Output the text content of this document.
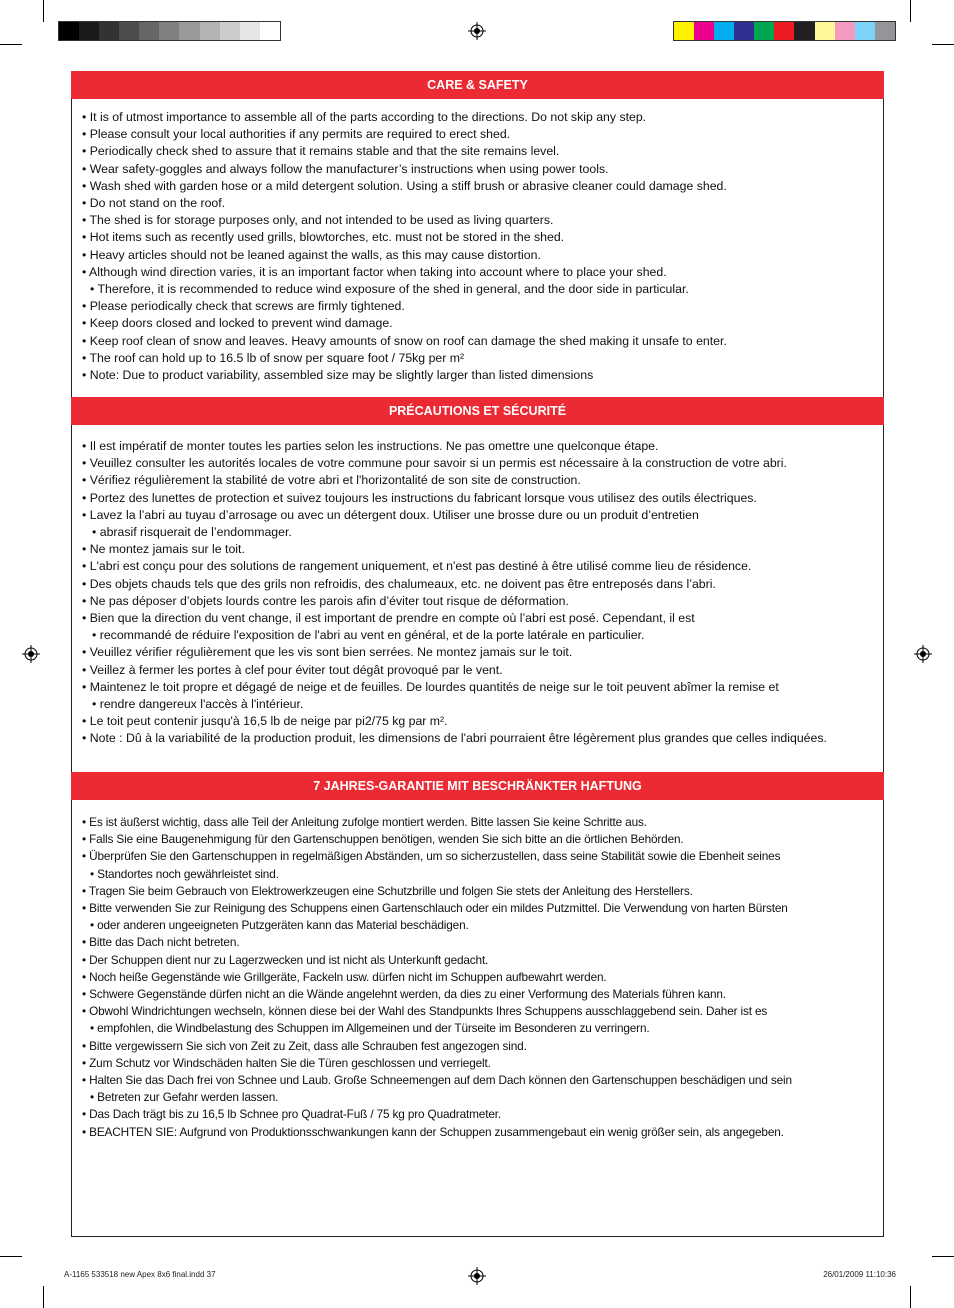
CARE & SAFETY
• It is of utmost importance to assemble all of the parts according to the directions. Do not skip any step.
• Please consult your local authorities if any permits are required to erect shed.
• Periodically check shed to assure that it remains stable and that the site remains level.
• Wear safety-goggles and always follow the manufacturer’s instructions when using power tools.
• Wash shed with garden hose or a mild detergent solution. Using a stiff brush or abrasive cleaner could damage shed.
• Do not stand on the roof.
• The shed is for storage purposes only, and not intended to be used as living quarters.
• Hot items such as recently used grills, blowtorches, etc. must not be stored in the shed.
• Heavy articles should not be leaned against the walls, as this may cause distortion.
• Although wind direction varies, it is an important factor when taking into account where to place your shed.
• Therefore, it is recommended to reduce wind exposure of the shed in general, and the door side in particular.
• Please periodically check that screws are firmly tightened.
• Keep doors closed and locked to prevent wind damage.
• Keep roof clean of snow and leaves. Heavy amounts of snow on roof can damage the shed making it unsafe to enter.
• The roof can hold up to 16.5 lb of snow per square foot / 75kg per m²
• Note: Due to product variability, assembled size may be slightly larger than listed dimensions
PRÉCAUTIONS ET SÉCURITÉ
• Il est impératif de monter toutes les parties selon les instructions. Ne pas omettre une quelconque étape.
• Veuillez consulter les autorités locales de votre commune pour savoir si un permis est nécessaire à la construction de votre abri.
• Vérifiez régulièrement la stabilité de votre abri et l'horizontalité de son site de construction.
• Portez des lunettes de protection et suivez toujours les instructions du fabricant lorsque vous utilisez des outils électriques.
• Lavez la l’abri au tuyau d’arrosage ou avec un détergent doux. Utiliser une brosse dure ou un produit d’entretien
• abrasif risquerait de l’endommager.
• Ne montez jamais sur le toit.
• L'abri est conçu pour des solutions de rangement uniquement, et n'est pas destiné à être utilisé comme lieu de résidence.
• Des objets chauds tels que des grils non refroidis, des chalumeaux, etc. ne doivent pas être entreposés dans l’abri.
• Ne pas déposer d’objets lourds contre les parois afin d’éviter tout risque de déformation.
• Bien que la direction du vent change, il est important de prendre en compte où l’abri est posé. Cependant, il est
• recommandé de réduire l'exposition de l'abri au vent en général, et de la porte latérale en particulier.
• Veuillez vérifier régulièrement que les vis sont bien serrées. Ne montez jamais sur le toit.
• Veillez à fermer les portes à clef pour éviter tout dégât provoqué par le vent.
• Maintenez le toit propre et dégagé de neige et de feuilles. De lourdes quantités de neige sur le toit peuvent abîmer la remise et
• rendre dangereux l'accès à l'intérieur.
• Le toit peut contenir jusqu'à 16,5 lb de neige par pi2/75 kg par m².
• Note : Dû à la variabilité de la production produit, les dimensions de l'abri pourraient être légèrement plus grandes que celles indiquées.
7 JAHRES-GARANTIE MIT BESCHRÄNKTER HAFTUNG
• Es ist äußerst wichtig, dass alle Teil der Anleitung zufolge montiert werden. Bitte lassen Sie keine Schritte aus.
• Falls Sie eine Baugenehmigung für den Gartenschuppen benötigen, wenden Sie sich bitte an die örtlichen Behörden.
• Überprüfen Sie den Gartenschuppen in regelmäßigen Abständen, um so sicherzustellen, dass seine Stabilität sowie die Ebenheit seines
• Standortes noch gewährleistet sind.
• Tragen Sie beim Gebrauch von Elektrowerkzeugen eine Schutzbrille und folgen Sie stets der Anleitung des Herstellers.
• Bitte verwenden Sie zur Reinigung des Schuppens einen Gartenschlauch oder ein mildes Putzmittel. Die Verwendung von harten Bürsten
• oder anderen ungeeigneten Putzgeräten kann das Material beschädigen.
• Bitte das Dach nicht betreten.
• Der Schuppen dient nur zu Lagerzwecken und ist nicht als Unterkunft gedacht.
• Noch heiße Gegenstände wie Grillgeräte, Fackeln usw. dürfen nicht im Schuppen aufbewahrt werden.
• Schwere Gegenstände dürfen nicht an die Wände angelehnt werden, da dies zu einer Verformung des Materials führen kann.
• Obwohl Windrichtungen wechseln, können diese bei der Wahl des Standpunkts Ihres Schuppens ausschlaggebend sein. Daher ist es
• empfohlen, die Windbelastung des Schuppen im Allgemeinen und der Türseite im Besonderen zu verringern.
• Bitte vergewissern Sie sich von Zeit zu Zeit, dass alle Schrauben fest angezogen sind.
• Zum Schutz vor Windschäden halten Sie die Türen geschlossen und verriegelt.
• Halten Sie das Dach frei von Schnee und Laub. Große Schneemengen auf dem Dach können den Gartenschuppen beschädigen und sein
• Betreten zur Gefahr werden lassen.
• Das Dach trägt bis zu 16,5 lb Schnee pro Quadrat-Fuß / 75 kg pro Quadratmeter.
• BEACHTEN SIE: Aufgrund von Produktionsschwankungen kann der Schuppen zusammengebaut ein wenig größer sein, als angegeben.
A-1165 533518 new Apex 8x6 final.indd 37	26/01/2009 11:10:36
